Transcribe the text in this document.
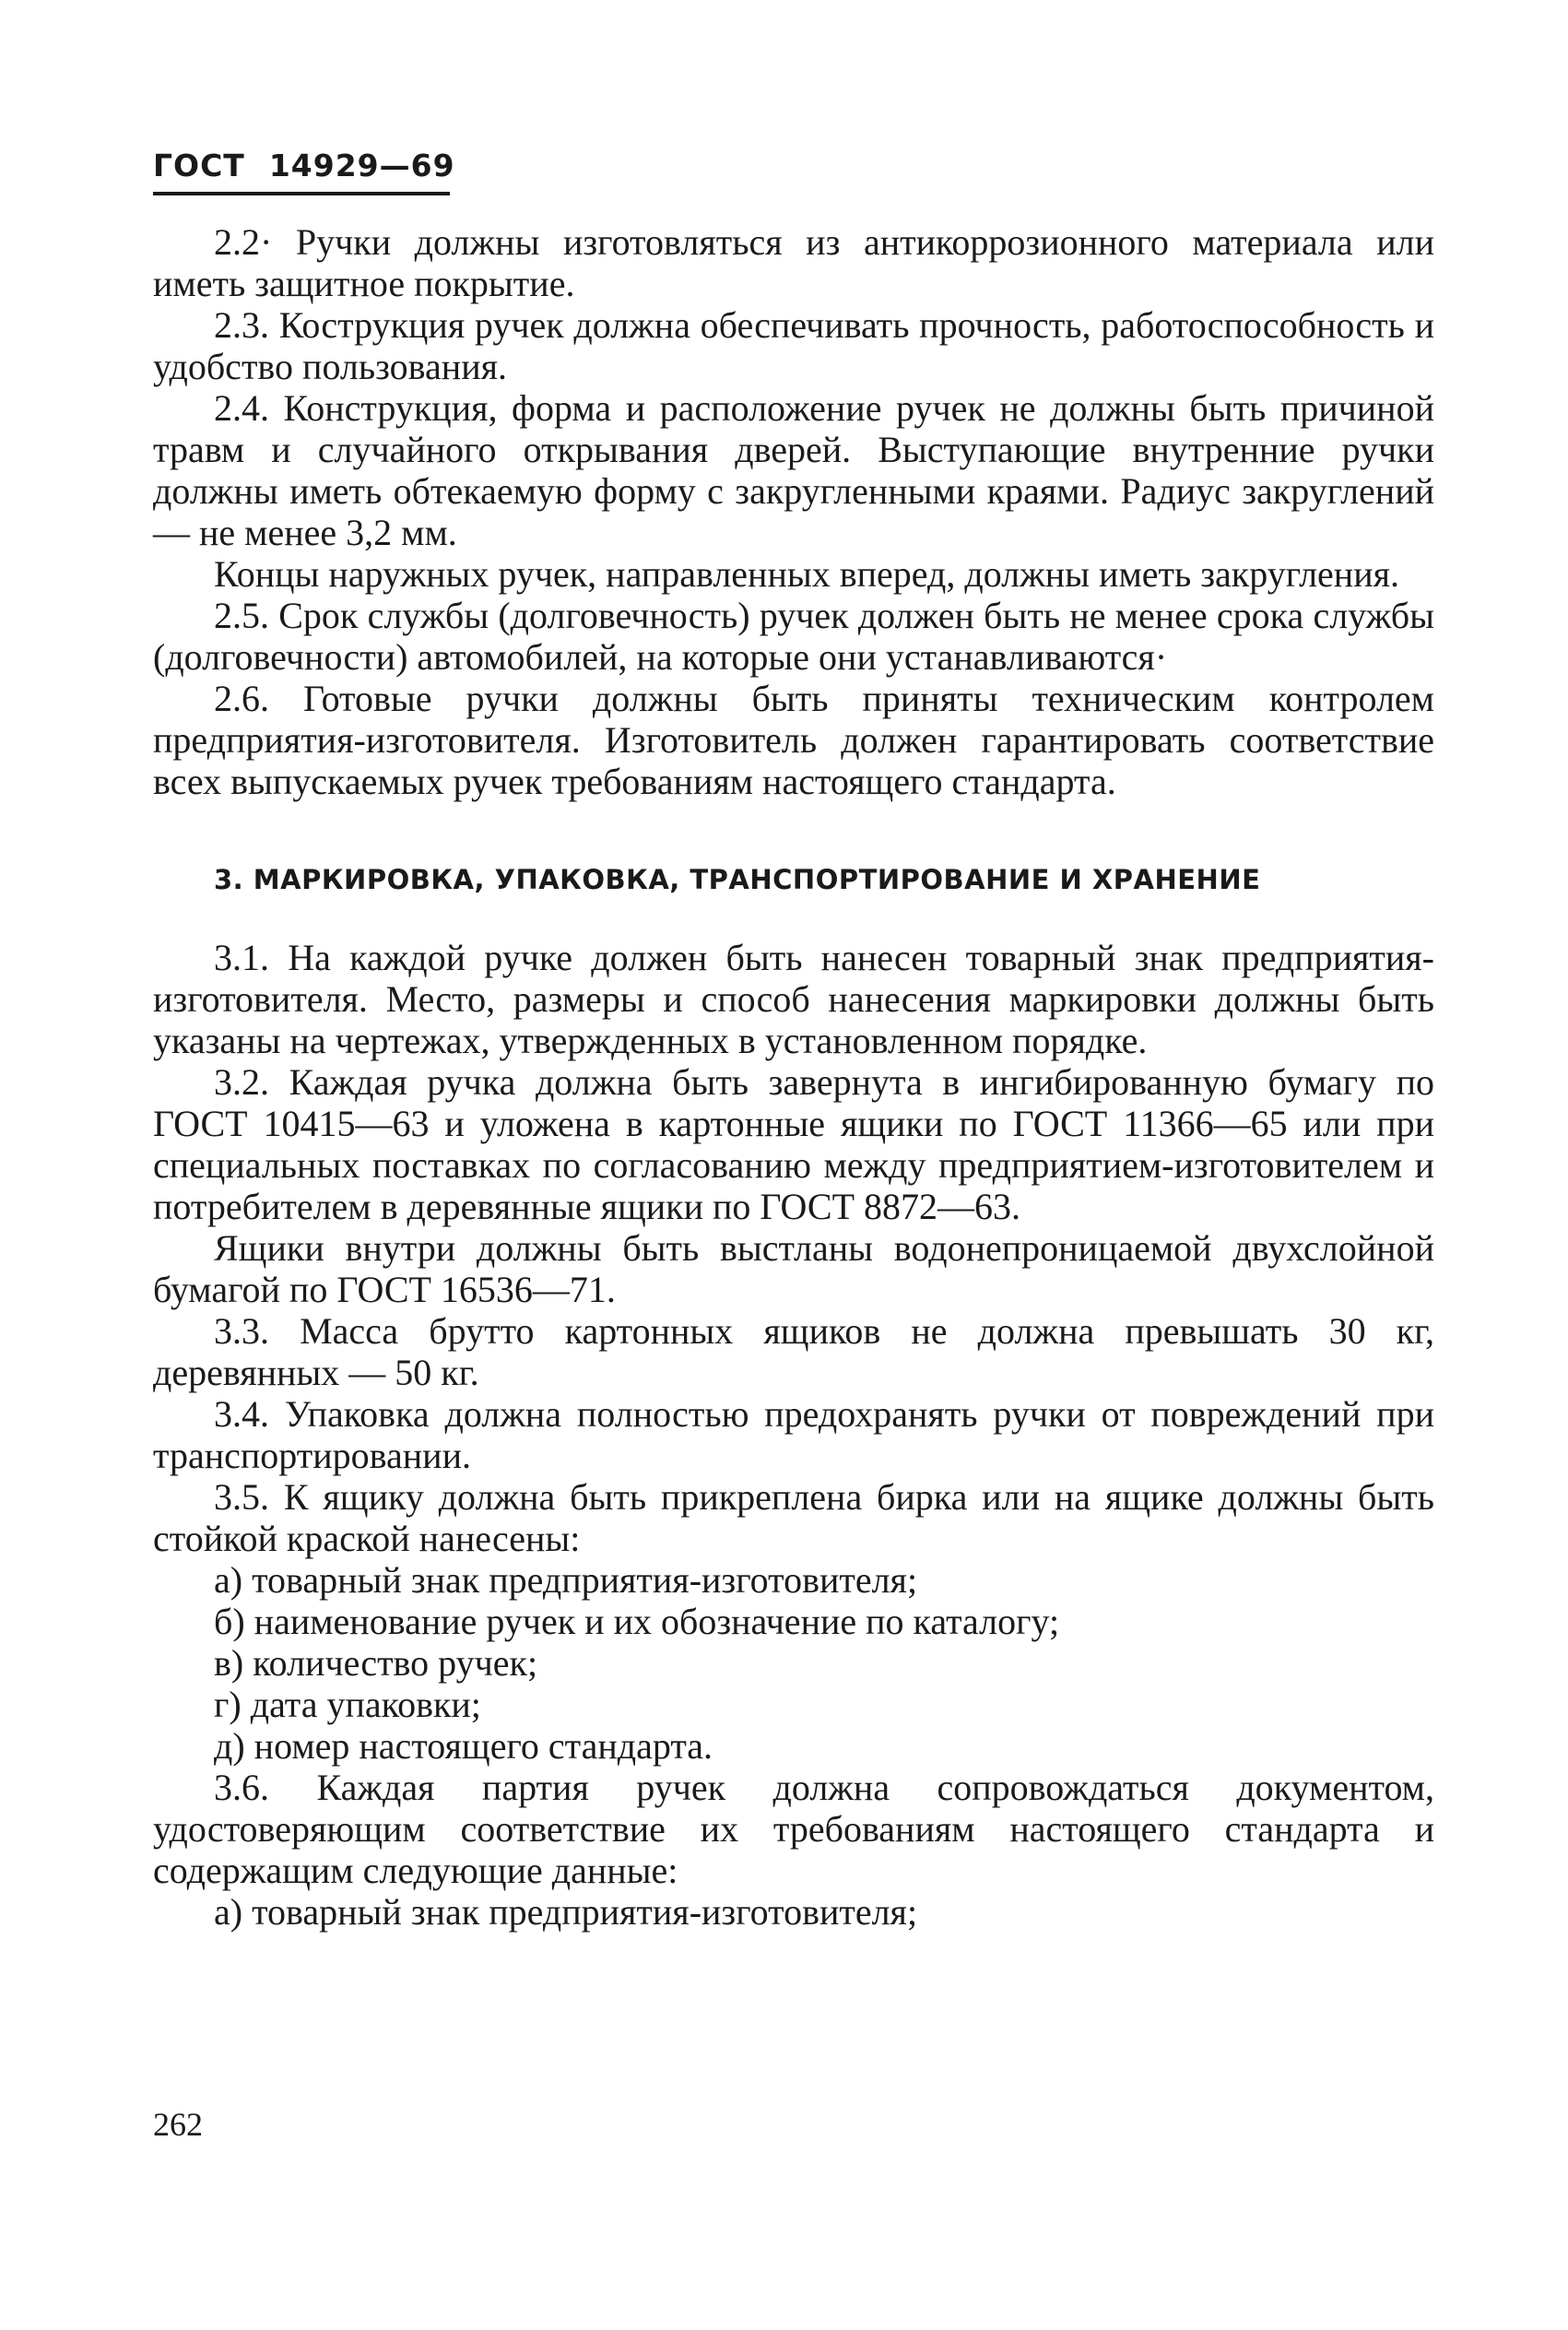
ГОСТ 14929—69

2.2· Ручки должны изготовляться из антикоррозионного материала или иметь защитное покрытие.

2.3. Кострукция ручек должна обеспечивать прочность, работоспособность и удобство пользования.

2.4. Конструкция, форма и расположение ручек не должны быть причиной травм и случайного открывания дверей. Выступающие внутренние ручки должны иметь обтекаемую форму с закругленными краями. Радиус закруглений — не менее 3,2 мм.

Концы наружных ручек, направленных вперед, должны иметь закругления.

2.5. Срок службы (долговечность) ручек должен быть не менее срока службы (долговечности) автомобилей, на которые они устанавливаются·

2.6. Готовые ручки должны быть приняты техническим контролем предприятия-изготовителя. Изготовитель должен гарантировать соответствие всех выпускаемых ручек требованиям настоящего стандарта.

3. МАРКИРОВКА, УПАКОВКА, ТРАНСПОРТИРОВАНИЕ И ХРАНЕНИЕ

3.1. На каждой ручке должен быть нанесен товарный знак предприятия-изготовителя. Место, размеры и способ нанесения маркировки должны быть указаны на чертежах, утвержденных в установленном порядке.

3.2. Каждая ручка должна быть завернута в ингибированную бумагу по ГОСТ 10415—63 и уложена в картонные ящики по ГОСТ 11366—65 или при специальных поставках по согласованию между предприятием-изготовителем и потребителем в деревянные ящики по ГОСТ 8872—63.

Ящики внутри должны быть выстланы водонепроницаемой двухслойной бумагой по ГОСТ 16536—71.

3.3. Масса брутто картонных ящиков не должна превышать 30 кг, деревянных — 50 кг.

3.4. Упаковка должна полностью предохранять ручки от повреждений при транспортировании.

3.5. К ящику должна быть прикреплена бирка или на ящике должны быть стойкой краской нанесены:

а) товарный знак предприятия-изготовителя;

б) наименование ручек и их обозначение по каталогу;

в) количество ручек;

г) дата упаковки;

д) номер настоящего стандарта.

3.6. Каждая партия ручек должна сопровождаться документом, удостоверяющим соответствие их требованиям настоящего стандарта и содержащим следующие данные:

а) товарный знак предприятия-изготовителя;

262
